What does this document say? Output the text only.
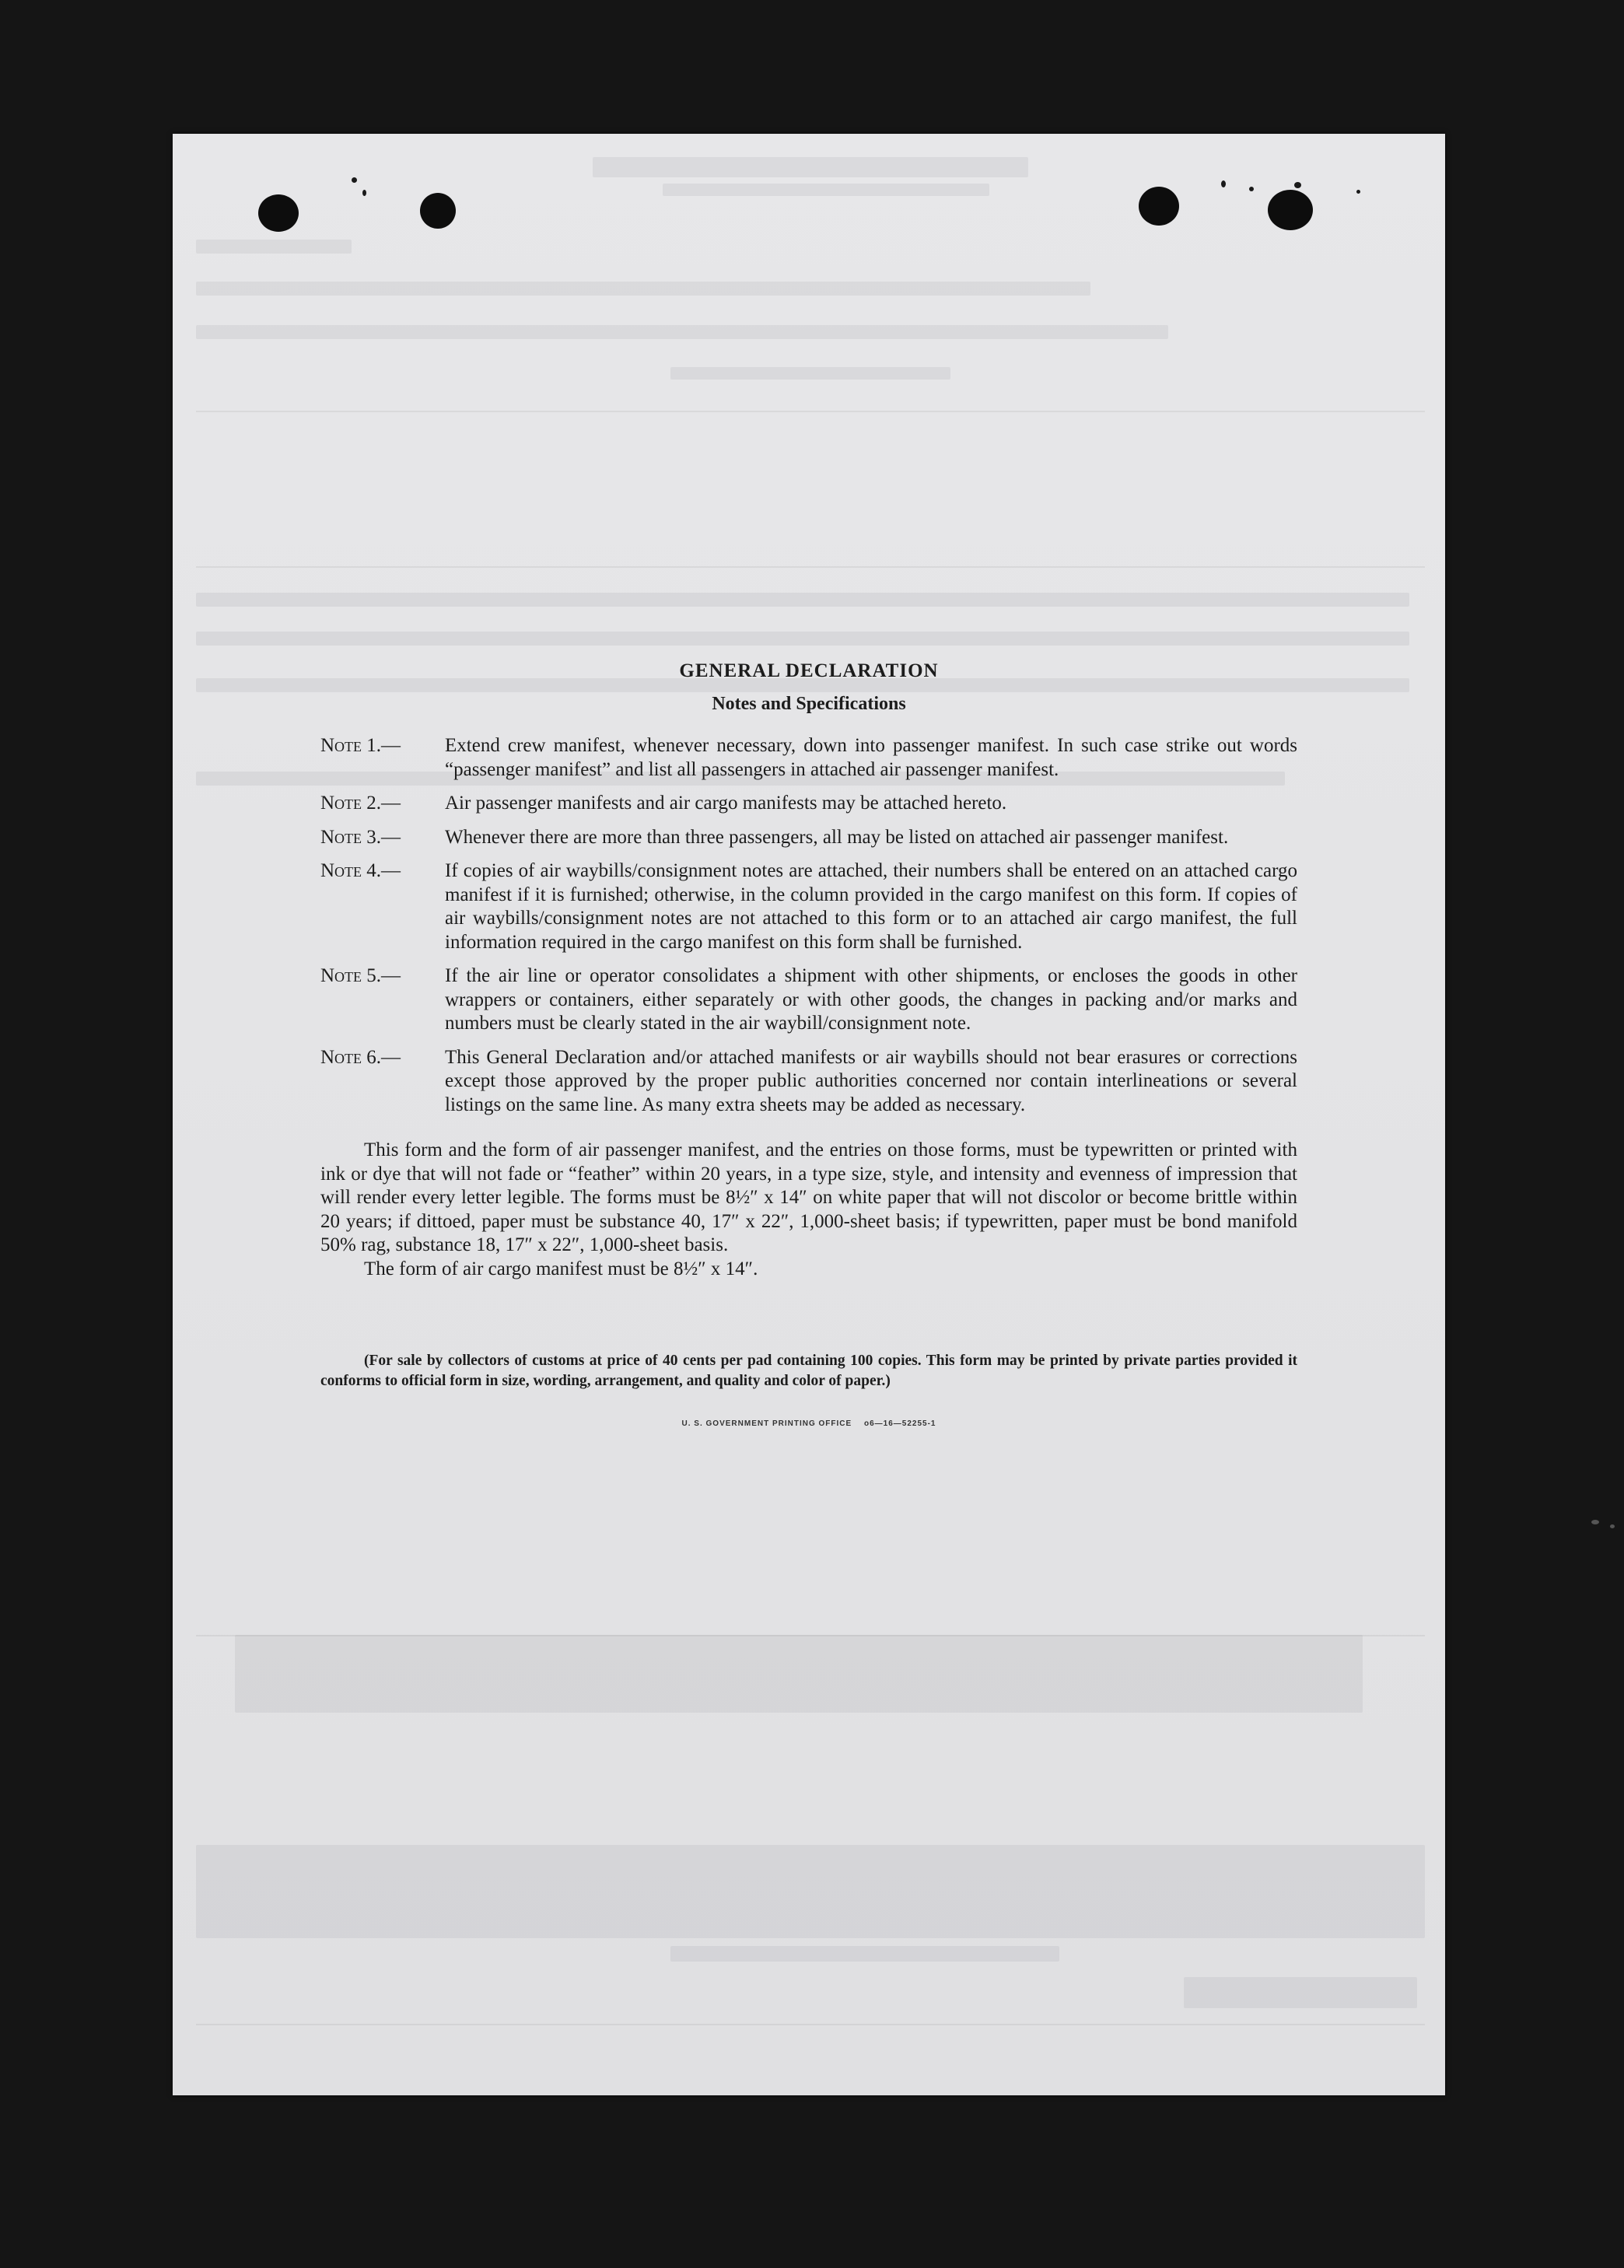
GENERAL DECLARATION
Notes and Specifications
Note 1.—	Extend crew manifest, whenever necessary, down into passenger manifest. In such case strike out words “passenger manifest” and list all passengers in attached air passenger manifest.
Note 2.—	Air passenger manifests and air cargo manifests may be attached hereto.
Note 3.—	Whenever there are more than three passengers, all may be listed on attached air passenger manifest.
Note 4.—	If copies of air waybills/consignment notes are attached, their numbers shall be entered on an attached cargo manifest if it is furnished; otherwise, in the column provided in the cargo manifest on this form. If copies of air waybills/consignment notes are not attached to this form or to an attached air cargo manifest, the full information required in the cargo manifest on this form shall be furnished.
Note 5.—	If the air line or operator consolidates a shipment with other shipments, or encloses the goods in other wrappers or containers, either separately or with other goods, the changes in packing and/or marks and numbers must be clearly stated in the air waybill/consignment note.
Note 6.—	This General Declaration and/or attached manifests or air waybills should not bear erasures or corrections except those approved by the proper public authorities concerned nor contain interlineations or several listings on the same line. As many extra sheets may be added as necessary.
This form and the form of air passenger manifest, and the entries on those forms, must be typewritten or printed with ink or dye that will not fade or “feather” within 20 years, in a type size, style, and intensity and evenness of impression that will render every letter legible. The forms must be 8½″ x 14″ on white paper that will not discolor or become brittle within 20 years; if dittoed, paper must be substance 40, 17″ x 22″, 1,000-sheet basis; if typewritten, paper must be bond manifold 50% rag, substance 18, 17″ x 22″, 1,000-sheet basis.
The form of air cargo manifest must be 8½″ x 14″.
(For sale by collectors of customs at price of 40 cents per pad containing 100 copies. This form may be printed by private parties provided it conforms to official form in size, wording, arrangement, and quality and color of paper.)
U. S. GOVERNMENT PRINTING OFFICE o6—16—52255-1
